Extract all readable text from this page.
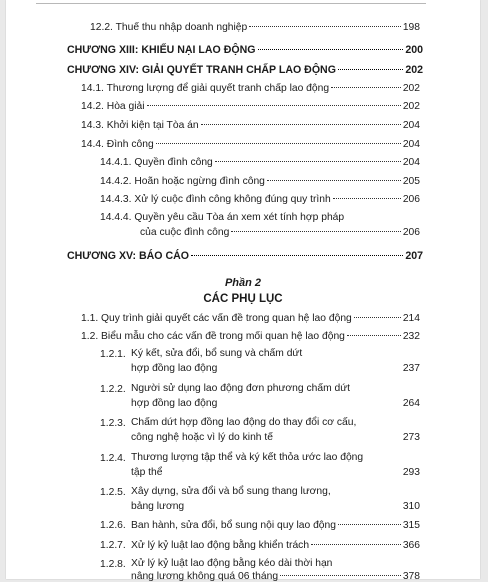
12.2. Thuế thu nhập doanh nghiệp	198
CHƯƠNG XIII: KHIẾU NẠI LAO ĐỘNG	200
CHƯƠNG XIV: GIẢI QUYẾT TRANH CHẤP LAO ĐỘNG	202
14.1. Thương lượng để giải quyết tranh chấp lao động	202
14.2. Hòa giải	202
14.3. Khởi kiện tại Tòa án	204
14.4. Đình công	204
14.4.1. Quyền đình công	204
14.4.2. Hoãn hoặc ngừng đình công	205
14.4.3. Xử lý cuộc đình công không đúng quy trình	206
14.4.4. Quyền yêu cầu Tòa án xem xét tính hợp pháp
của cuộc đình công	206
CHƯƠNG XV: BÁO CÁO	207
Phần 2
CÁC PHỤ LỤC
1.1. Quy trình giải quyết các vấn đề trong quan hệ lao động	214
1.2. Biểu mẫu cho các vấn đề trong mối quan hệ lao động	232
1.2.1. Ký kết, sửa đổi, bổ sung và chấm dứt
hợp đồng lao động	237
1.2.2. Người sử dụng lao động đơn phương chấm dứt
hợp đồng lao động	264
1.2.3. Chấm dứt hợp đồng lao động do thay đổi cơ cấu,
công nghệ hoặc vì lý do kinh tế	273
1.2.4. Thương lượng tập thể và ký kết thỏa ước lao động
tập thể	293
1.2.5. Xây dựng, sửa đổi và bổ sung thang lương,
bảng lương	310
1.2.6. Ban hành, sửa đổi, bổ sung nội quy lao động	315
1.2.7. Xử lý kỷ luật lao động bằng khiển trách	366
1.2.8. Xử lý kỷ luật lao động bằng kéo dài thời hạn
nâng lương không quá 06 tháng	378
